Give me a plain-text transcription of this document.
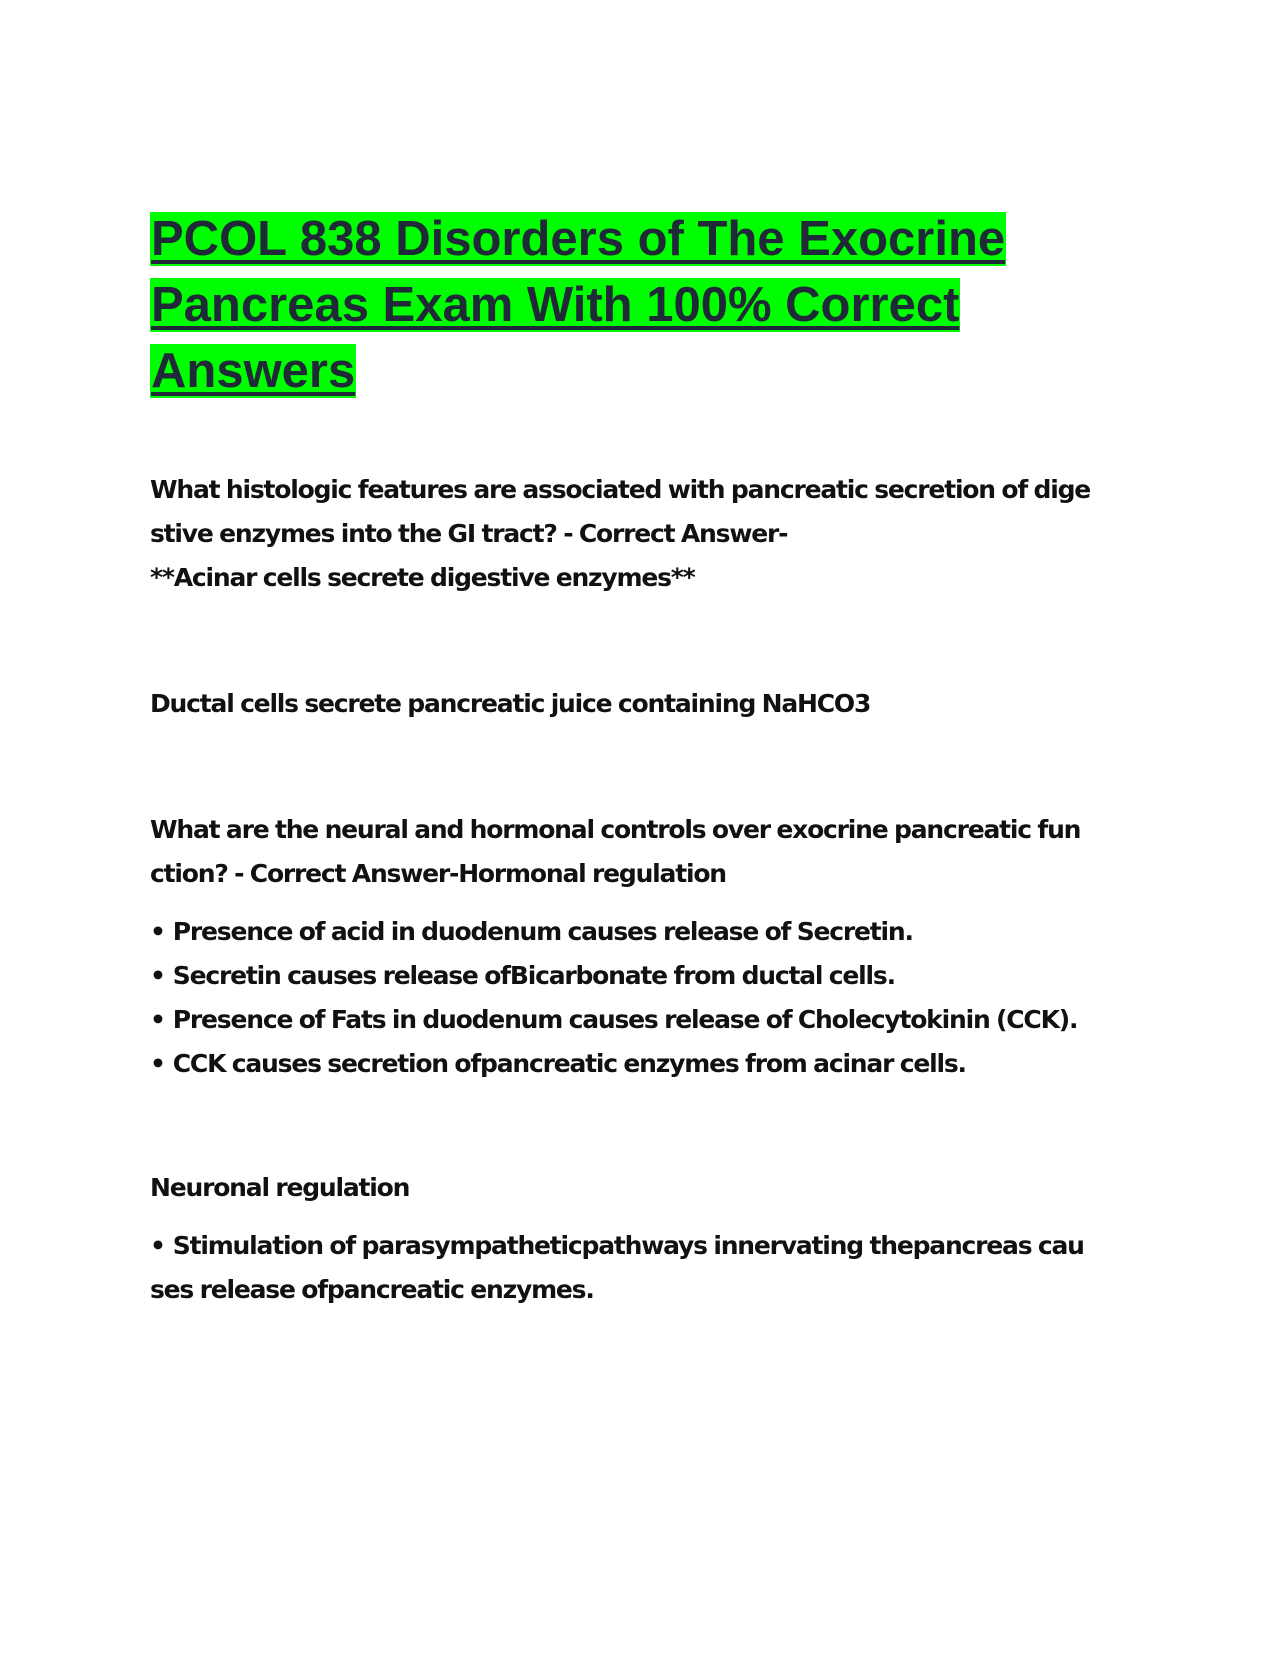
PCOL 838 Disorders of The Exocrine Pancreas Exam With 100% Correct Answers

What histologic features are associated with pancreatic secretion of dige
stive enzymes into the GI tract? - Correct Answer-
**Acinar cells secrete digestive enzymes**

Ductal cells secrete pancreatic juice containing NaHCO3

What are the neural and hormonal controls over exocrine pancreatic fun
ction? - Correct Answer-Hormonal regulation

• Presence of acid in duodenum causes release of Secretin.
• Secretin causes release ofBicarbonate from ductal cells.
• Presence of Fats in duodenum causes release of Cholecytokinin (CCK).
• CCK causes secretion ofpancreatic enzymes from acinar cells.

Neuronal regulation

• Stimulation of parasympatheticpathways innervating thepancreas cau
ses release ofpancreatic enzymes.
